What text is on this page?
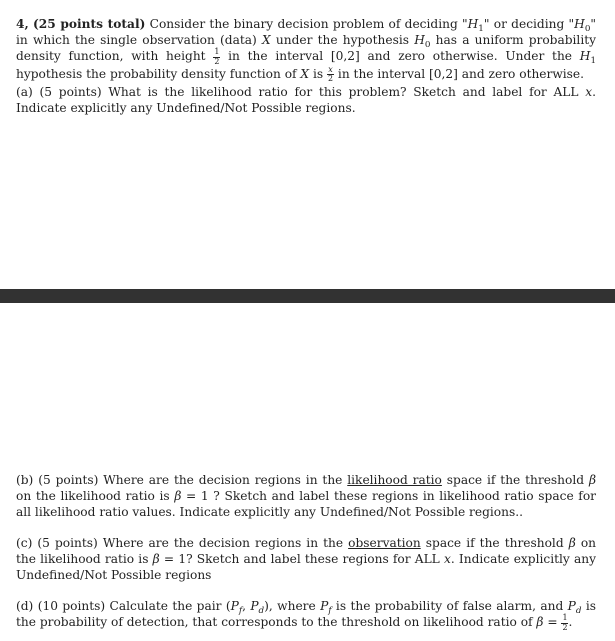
4, (25 points total) Consider the binary decision problem of deciding "$H_1$" or deciding "$H_0$" in which the single observation (data) X under the hypothesis $H_0$ has a uniform probability density function, with height $\frac{1}{2}$ in the interval [0,2] and zero otherwise. Under the $H_1$ hypothesis the probability density function of X is $\frac{x}{2}$ in the interval [0,2] and zero otherwise.
(a) (5 points) What is the likelihood ratio for this problem? Sketch and label for ALL x. Indicate explicitly any Undefined/Not Possible regions.
(b) (5 points) Where are the decision regions in the likelihood ratio space if the threshold β on the likelihood ratio is β = 1 ? Sketch and label these regions in likelihood ratio space for all likelihood ratio values. Indicate explicitly any Undefined/Not Possible regions..
(c) (5 points) Where are the decision regions in the observation space if the threshold β on the likelihood ratio is β = 1? Sketch and label these regions for ALL x. Indicate explicitly any Undefined/Not Possible regions
(d) (10 points) Calculate the pair ($P_f$, $P_d$), where $P_f$ is the probability of false alarm, and $P_d$ is the probability of detection, that corresponds to the threshold on likelihood ratio of $\beta = \frac{1}{2}$ .
